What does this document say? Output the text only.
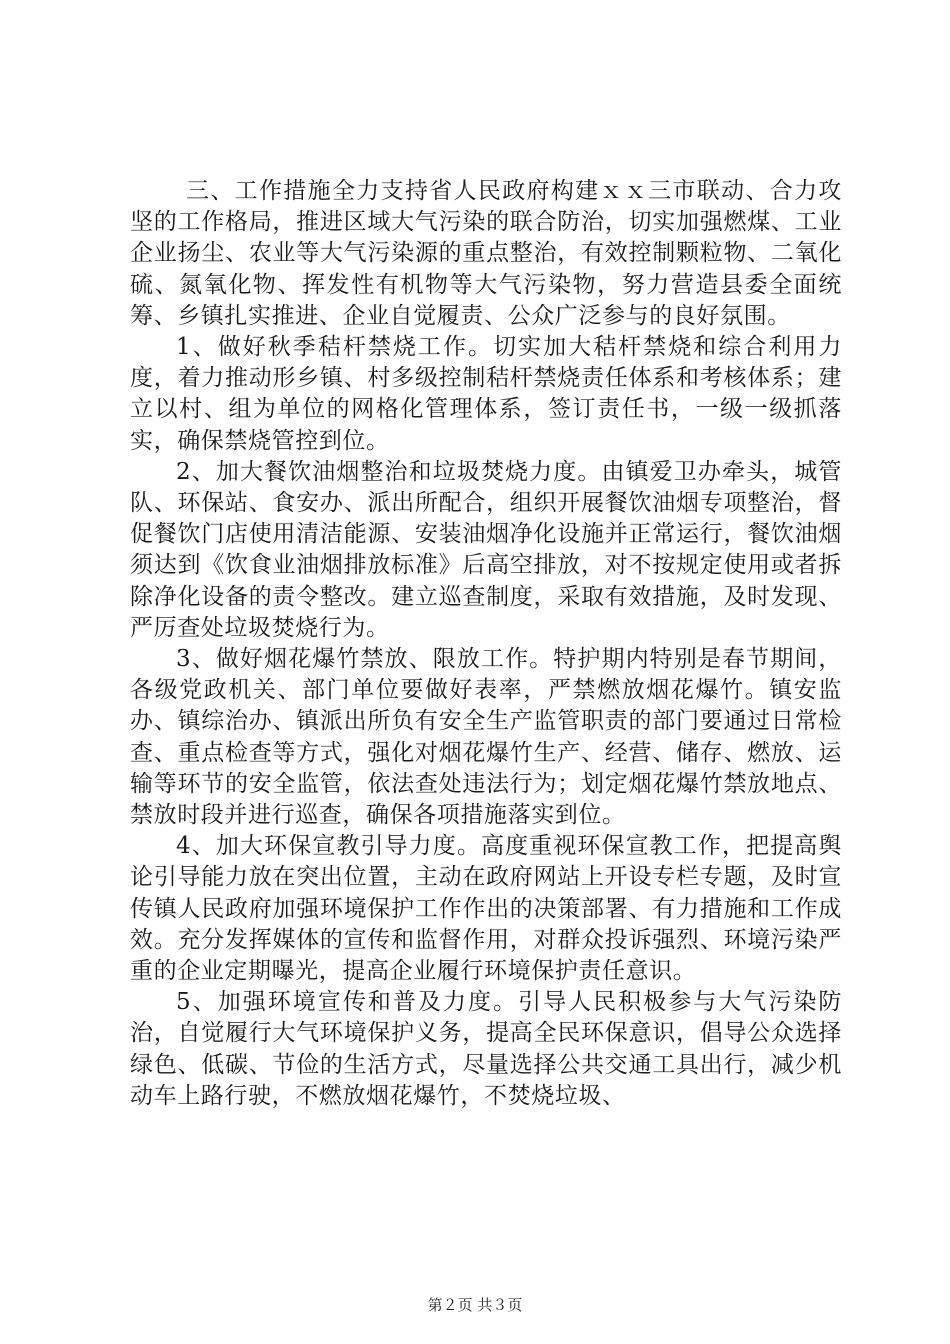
三、工作措施全力支持省人民政府构建ｘｘ三市联动、合力攻坚的工作格局，推进区域大气污染的联合防治，切实加强燃煤、工业企业扬尘、农业等大气污染源的重点整治，有效控制颗粒物、二氧化硫、氮氧化物、挥发性有机物等大气污染物，努力营造县委全面统筹、乡镇扎实推进、企业自觉履责、公众广泛参与的良好氛围。

1、做好秋季秸杆禁烧工作。切实加大秸杆禁烧和综合利用力度，着力推动形乡镇、村多级控制秸杆禁烧责任体系和考核体系；建立以村、组为单位的网格化管理体系，签订责任书，一级一级抓落实，确保禁烧管控到位。

2、加大餐饮油烟整治和垃圾焚烧力度。由镇爱卫办牵头，城管队、环保站、食安办、派出所配合，组织开展餐饮油烟专项整治，督促餐饮门店使用清洁能源、安装油烟净化设施并正常运行，餐饮油烟须达到《饮食业油烟排放标准》后高空排放，对不按规定使用或者拆除净化设备的责令整改。建立巡查制度，采取有效措施，及时发现、严厉查处垃圾焚烧行为。

3、做好烟花爆竹禁放、限放工作。特护期内特别是春节期间，各级党政机关、部门单位要做好表率，严禁燃放烟花爆竹。镇安监办、镇综治办、镇派出所负有安全生产监管职责的部门要通过日常检查、重点检查等方式，强化对烟花爆竹生产、经营、储存、燃放、运输等环节的安全监管，依法查处违法行为；划定烟花爆竹禁放地点、禁放时段并进行巡查，确保各项措施落实到位。

4、加大环保宣教引导力度。高度重视环保宣教工作，把提高舆论引导能力放在突出位置，主动在政府网站上开设专栏专题，及时宣传镇人民政府加强环境保护工作作出的决策部署、有力措施和工作成效。充分发挥媒体的宣传和监督作用，对群众投诉强烈、环境污染严重的企业定期曝光，提高企业履行环境保护责任意识。

5、加强环境宣传和普及力度。引导人民积极参与大气污染防治，自觉履行大气环境保护义务，提高全民环保意识，倡导公众选择绿色、低碳、节俭的生活方式，尽量选择公共交通工具出行，减少机动车上路行驶，不燃放烟花爆竹，不焚烧垃圾、

第２页 共３页
